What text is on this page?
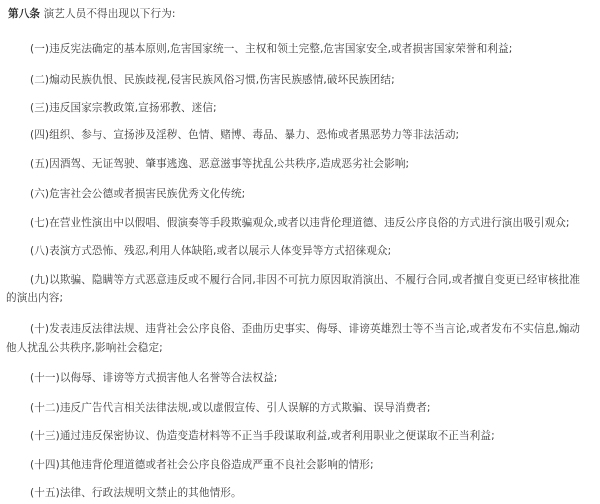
第八条 演艺人员不得出现以下行为:
(一)违反宪法确定的基本原则,危害国家统一、主权和领土完整,危害国家安全,或者损害国家荣誉和利益;
(二)煽动民族仇恨、民族歧视,侵害民族风俗习惯,伤害民族感情,破坏民族团结;
(三)违反国家宗教政策,宣扬邪教、迷信;
(四)组织、参与、宣扬涉及淫秽、色情、赌博、毒品、暴力、恐怖或者黑恶势力等非法活动;
(五)因酒驾、无证驾驶、肇事逃逸、恶意滋事等扰乱公共秩序,造成恶劣社会影响;
(六)危害社会公德或者损害民族优秀文化传统;
(七)在营业性演出中以假唱、假演奏等手段欺骗观众,或者以违背伦理道德、违反公序良俗的方式进行演出吸引观众;
(八)表演方式恐怖、残忍,利用人体缺陷,或者以展示人体变异等方式招徕观众;
(九)以欺骗、隐瞒等方式恶意违反或不履行合同,非因不可抗力原因取消演出、不履行合同,或者擅自变更已经审核批准
的演出内容;
(十)发表违反法律法规、违背社会公序良俗、歪曲历史事实、侮辱、诽谤英雄烈士等不当言论,或者发布不实信息,煽动
他人扰乱公共秩序,影响社会稳定;
(十一)以侮辱、诽谤等方式损害他人名誉等合法权益;
(十二)违反广告代言相关法律法规,或以虚假宣传、引人误解的方式欺骗、误导消费者;
(十三)通过违反保密协议、伪造变造材料等不正当手段谋取利益,或者利用职业之便谋取不正当利益;
(十四)其他违背伦理道德或者社会公序良俗造成严重不良社会影响的情形;
(十五)法律、行政法规明文禁止的其他情形。
